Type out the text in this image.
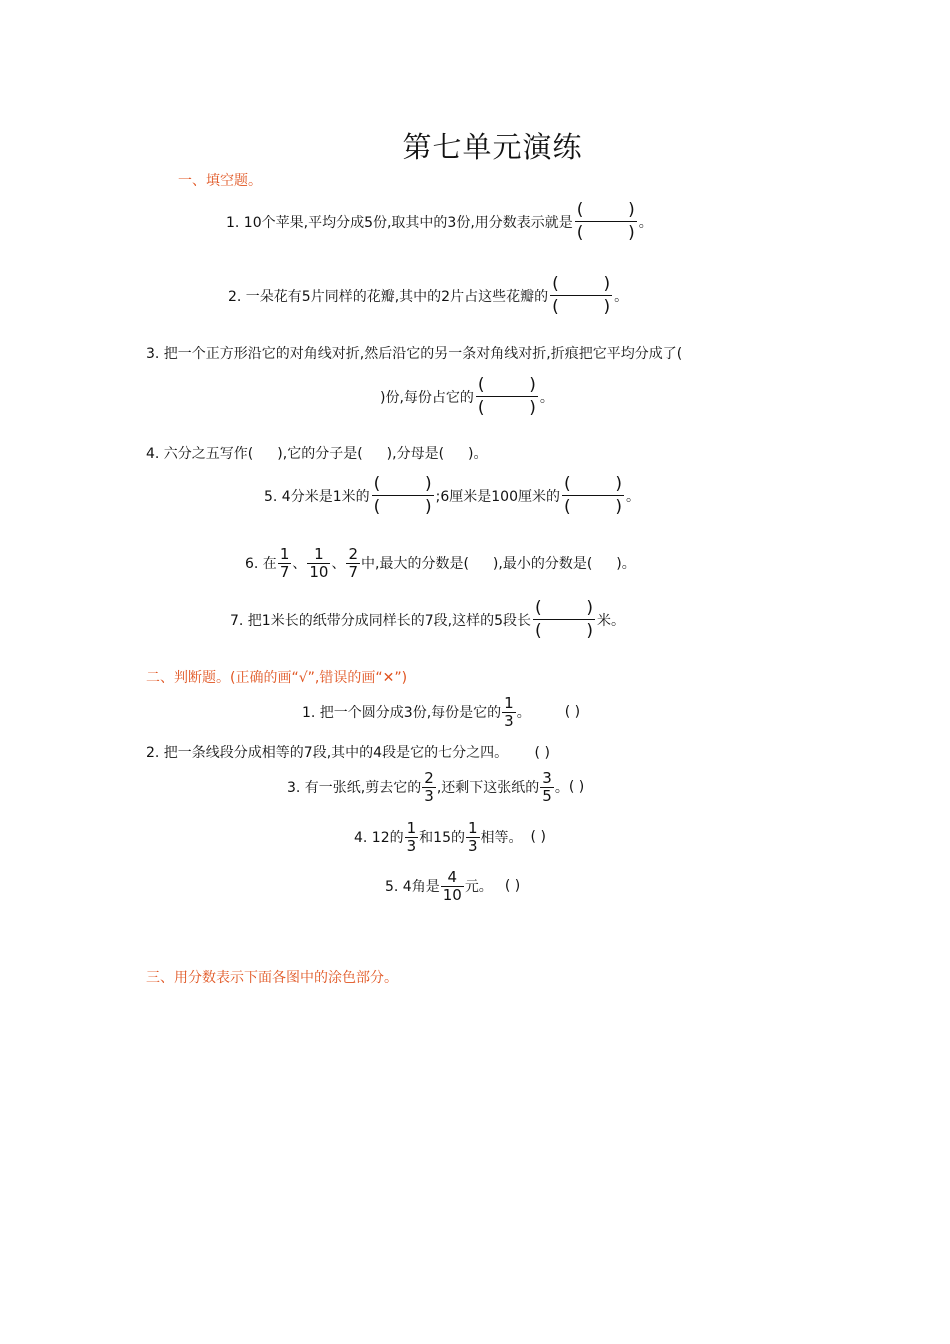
第七单元演练
一、填空题。
1. 10个苹果,平均分成5份,取其中的3份,用分数表示就是
(	)
(	) 。
2. 一朵花有5片同样的花瓣,其中的2片占这些花瓣的
(	)
(	) 。
3. 把一个正方形沿它的对角线对折,然后沿它的另一条对角线对折,折痕把它平均分成了(
)份,每份占它的
(	)
(	) 。
4. 六分之五写作( ),它的分子是( ),分母是( )。
5. 4分米是1米的
(	)
(	) ;6厘米是100厘米的
(	)
(	) 。
6. 在 $\frac{1}{7}$ 、 $\frac{1}{10}$ 、 $\frac{2}{7}$ 中,最大的分数是( ),最小的分数是( )。
7. 把1米长的纸带分成同样长的7段,这样的5段长
(	)
(	) 米。
二、判断题。(正确的画“√”,错误的画“✕”)
1. 把一个圆分成3份,每份是它的 $\frac{1}{3}$ 。 ( )
2. 把一条线段分成相等的7段,其中的4段是它的七分之四。 ( )
3. 有一张纸,剪去它的 $\frac{2}{3}$ ,还剩下这张纸的 $\frac{3}{5}$ 。 ( )
4. 12的 $\frac{1}{3}$ 和15的 $\frac{1}{3}$ 相等。 ( )
5. 4角是 $\frac{4}{10}$ 元。 ( )
三、用分数表示下面各图中的涂色部分。
